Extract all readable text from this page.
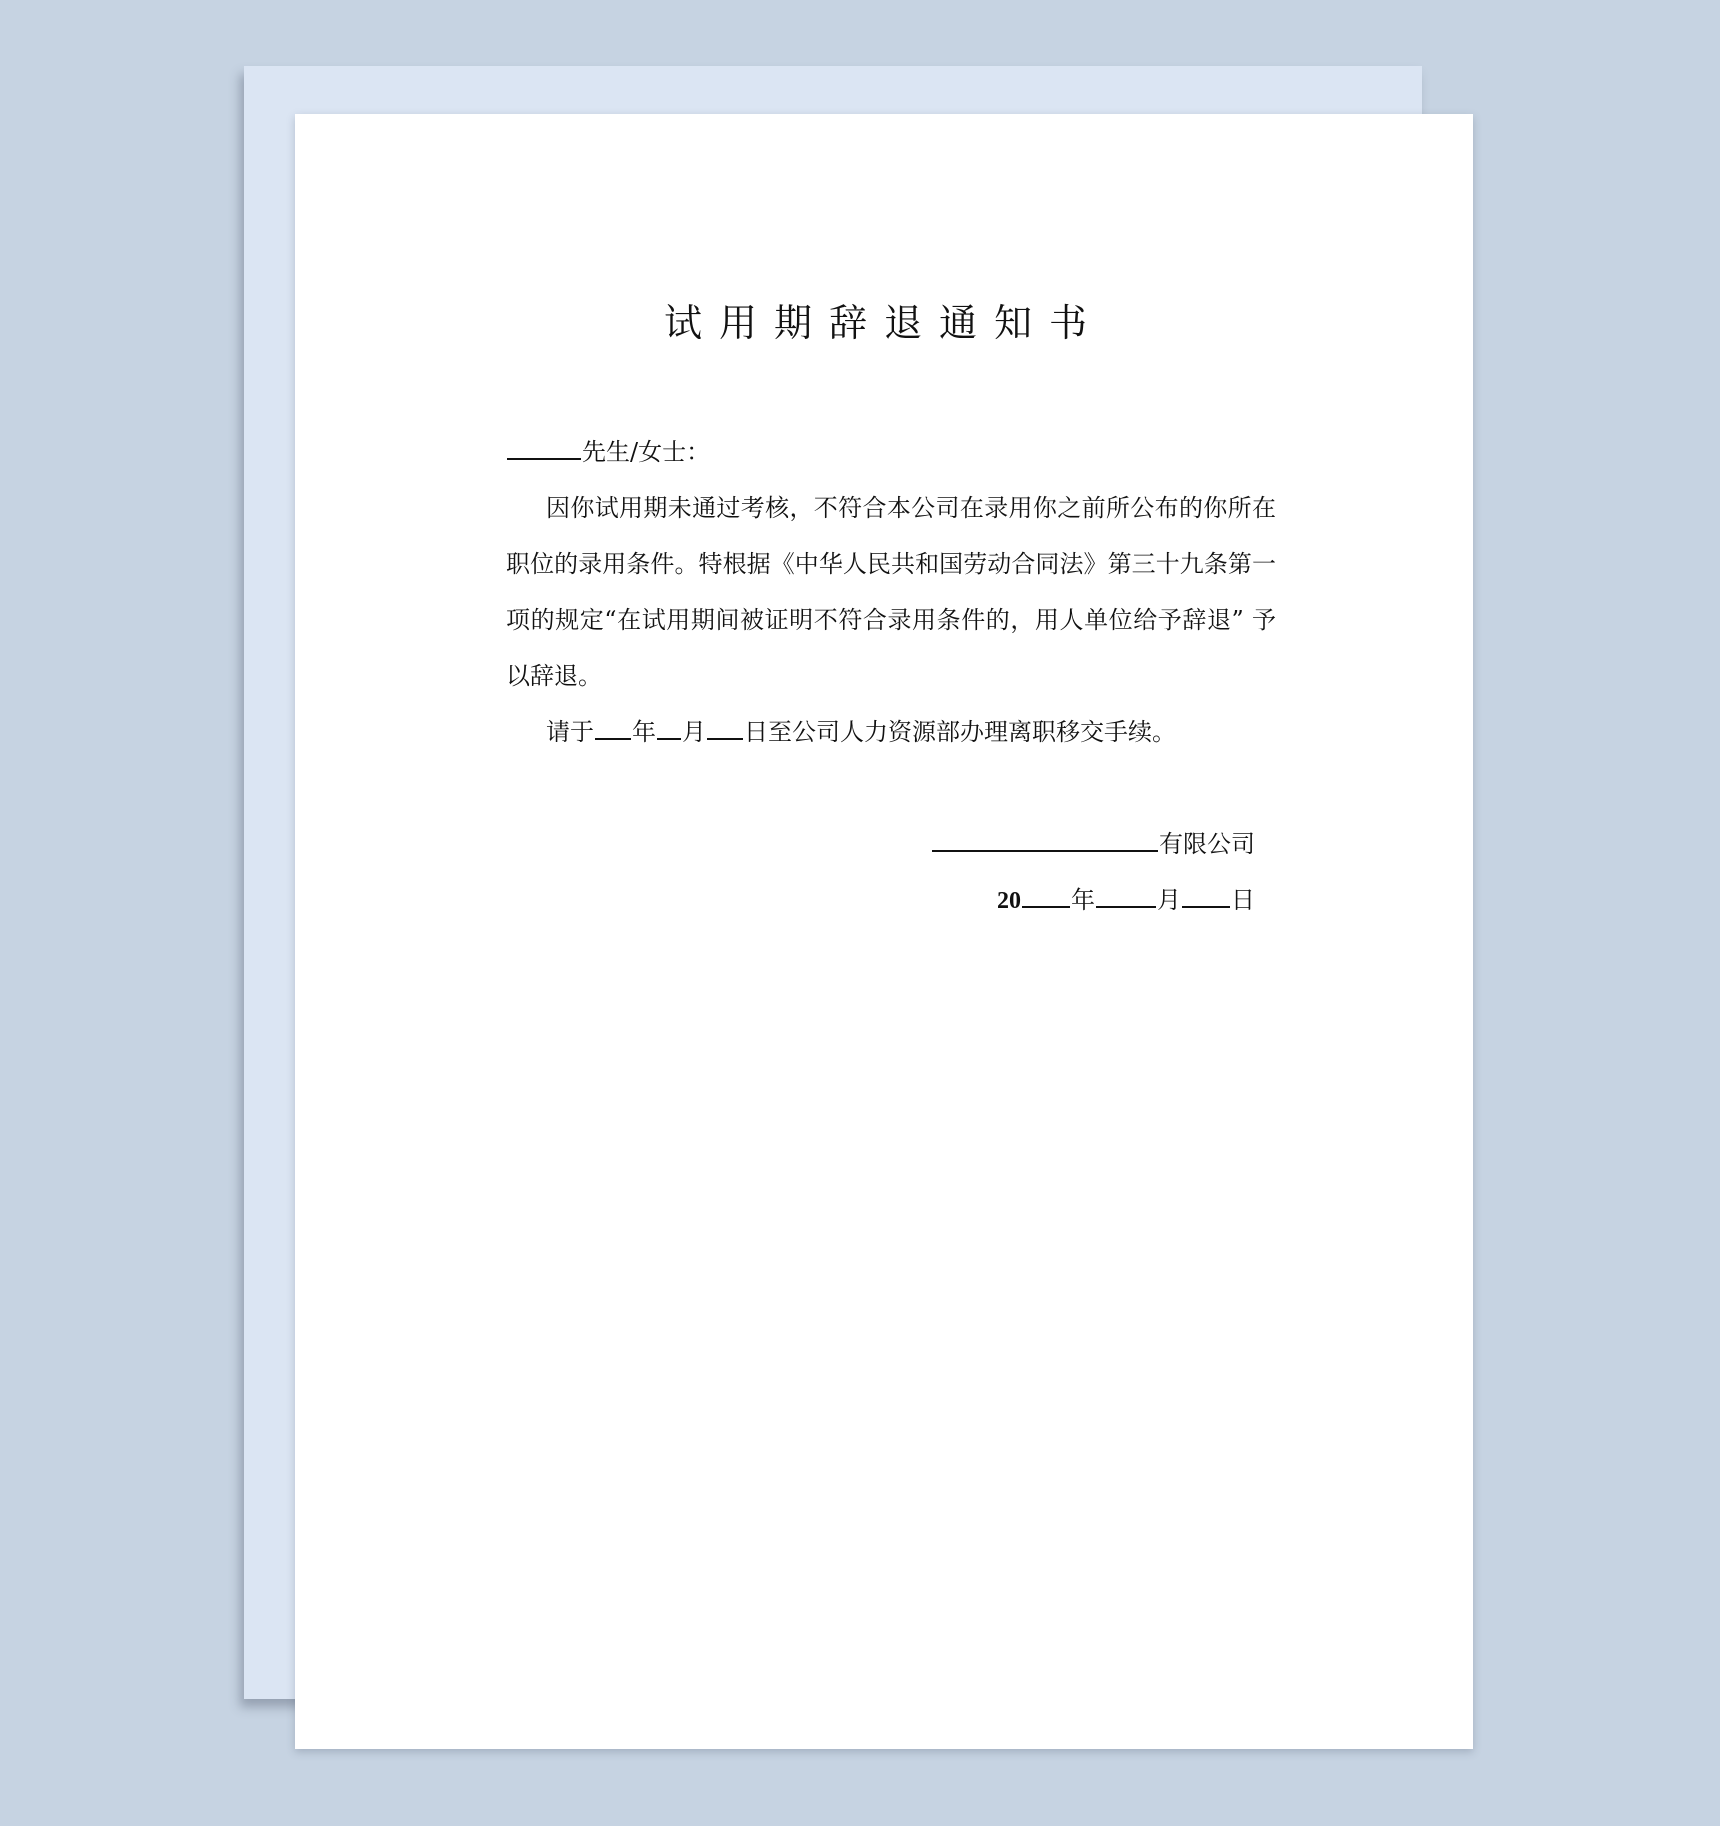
试用期辞退通知书
先生/女士：
因你试用期未通过考核，不符合本公司在录用你之前所公布的你所在职位的录用条件。特根据《中华人民共和国劳动合同法》第三十九条第一项的规定“在试用期间被证明不符合录用条件的，用人单位给予辞退” 予以辞退。
请于 年 月 日至公司人力资源部办理离职移交手续。
有限公司
20 年	月 日
